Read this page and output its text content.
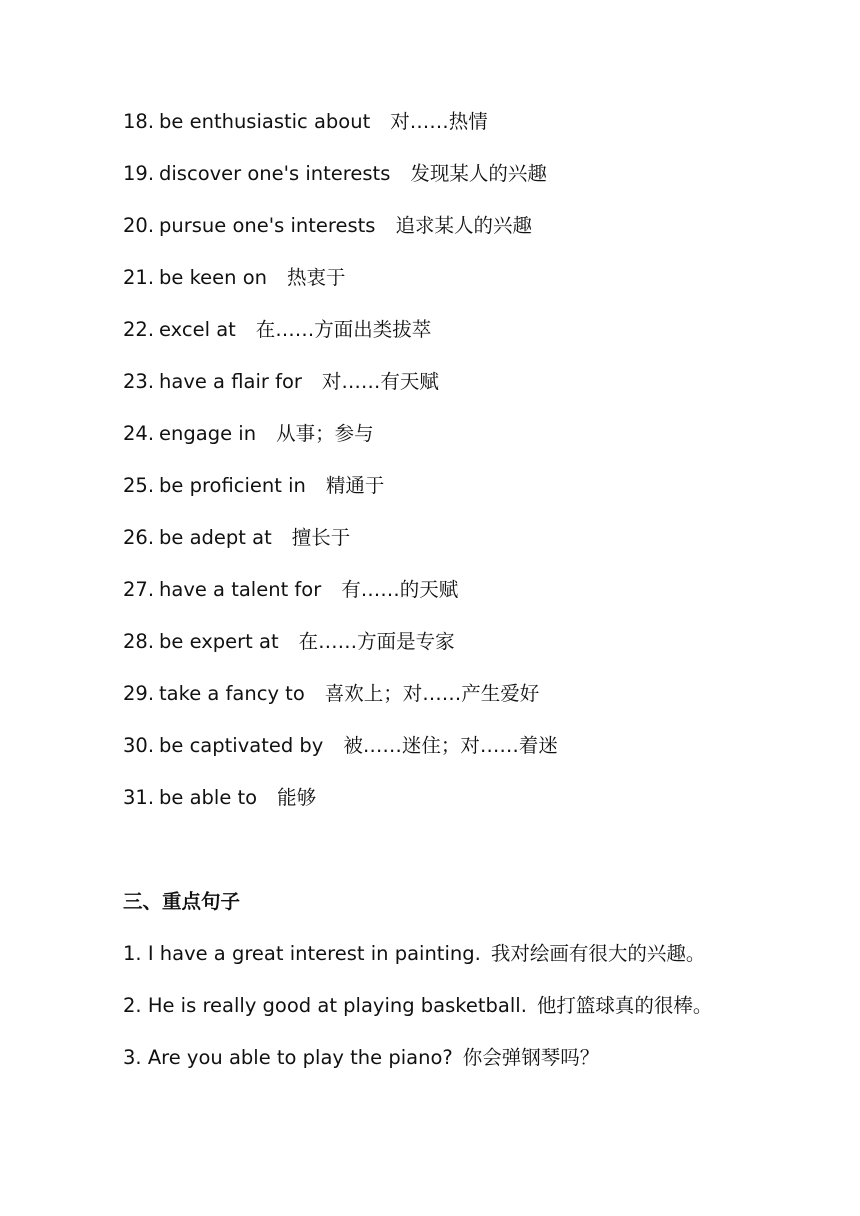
18. be enthusiastic about 对……热情
19. discover one's interests 发现某人的兴趣
20. pursue one's interests 追求某人的兴趣
21. be keen on 热衷于
22. excel at 在……方面出类拔萃
23. have a flair for 对……有天赋
24. engage in 从事；参与
25. be proficient in 精通于
26. be adept at 擅长于
27. have a talent for 有……的天赋
28. be expert at 在……方面是专家
29. take a fancy to 喜欢上；对……产生爱好
30. be captivated by 被……迷住；对……着迷
31. be able to 能够
三、重点句子
1. I have a great interest in painting. 我对绘画有很大的兴趣。
2. He is really good at playing basketball. 他打篮球真的很棒。
3. Are you able to play the piano? 你会弹钢琴吗？
